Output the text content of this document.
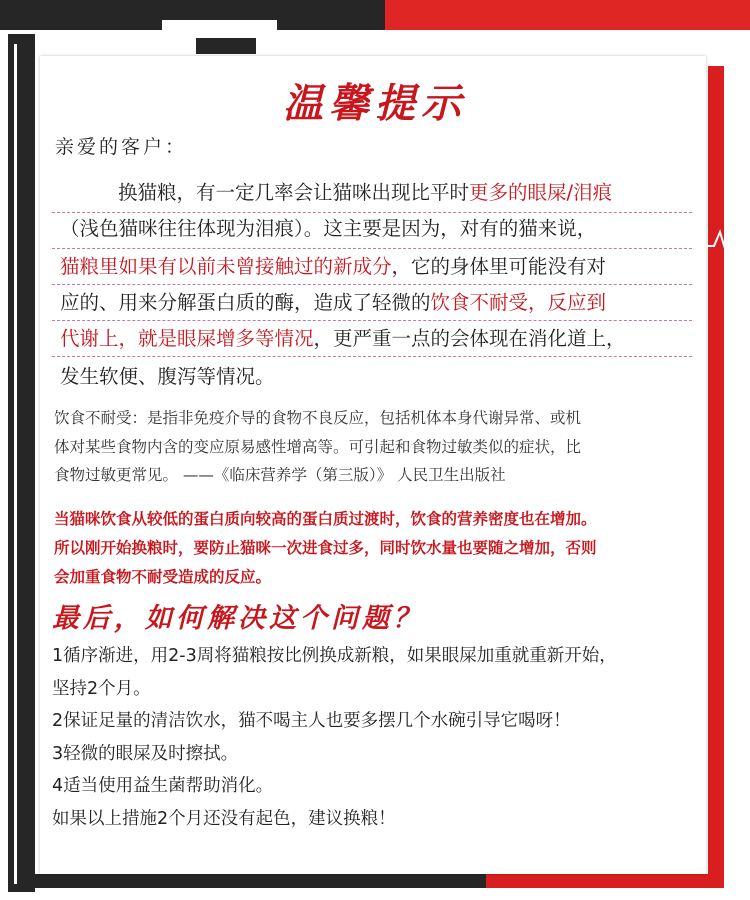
温馨提示
亲爱的客户：
换猫粮，有一定几率会让猫咪出现比平时更多的眼屎/泪痕
（浅色猫咪往往体现为泪痕）。这主要是因为，对有的猫来说，
猫粮里如果有以前未曾接触过的新成分，它的身体里可能没有对
应的、用来分解蛋白质的酶，造成了轻微的饮食不耐受，反应到
代谢上，就是眼屎增多等情况，更严重一点的会体现在消化道上，
发生软便、腹泻等情况。
饮食不耐受：是指非免疫介导的食物不良反应，包括机体本身代谢异常、或机
体对某些食物内含的变应原易感性增高等。可引起和食物过敏类似的症状，比
食物过敏更常见。 ——《临床营养学（第三版）》 人民卫生出版社
当猫咪饮食从较低的蛋白质向较高的蛋白质过渡时，饮食的营养密度也在增加。
所以刚开始换粮时，要防止猫咪一次进食过多，同时饮水量也要随之增加，否则
会加重食物不耐受造成的反应。
最后，如何解决这个问题？
1循序渐进，用2-3周将猫粮按比例换成新粮，如果眼屎加重就重新开始，
坚持2个月。
2保证足量的清洁饮水，猫不喝主人也要多摆几个水碗引导它喝呀！
3轻微的眼屎及时擦拭。
4适当使用益生菌帮助消化。
如果以上措施2个月还没有起色，建议换粮！
